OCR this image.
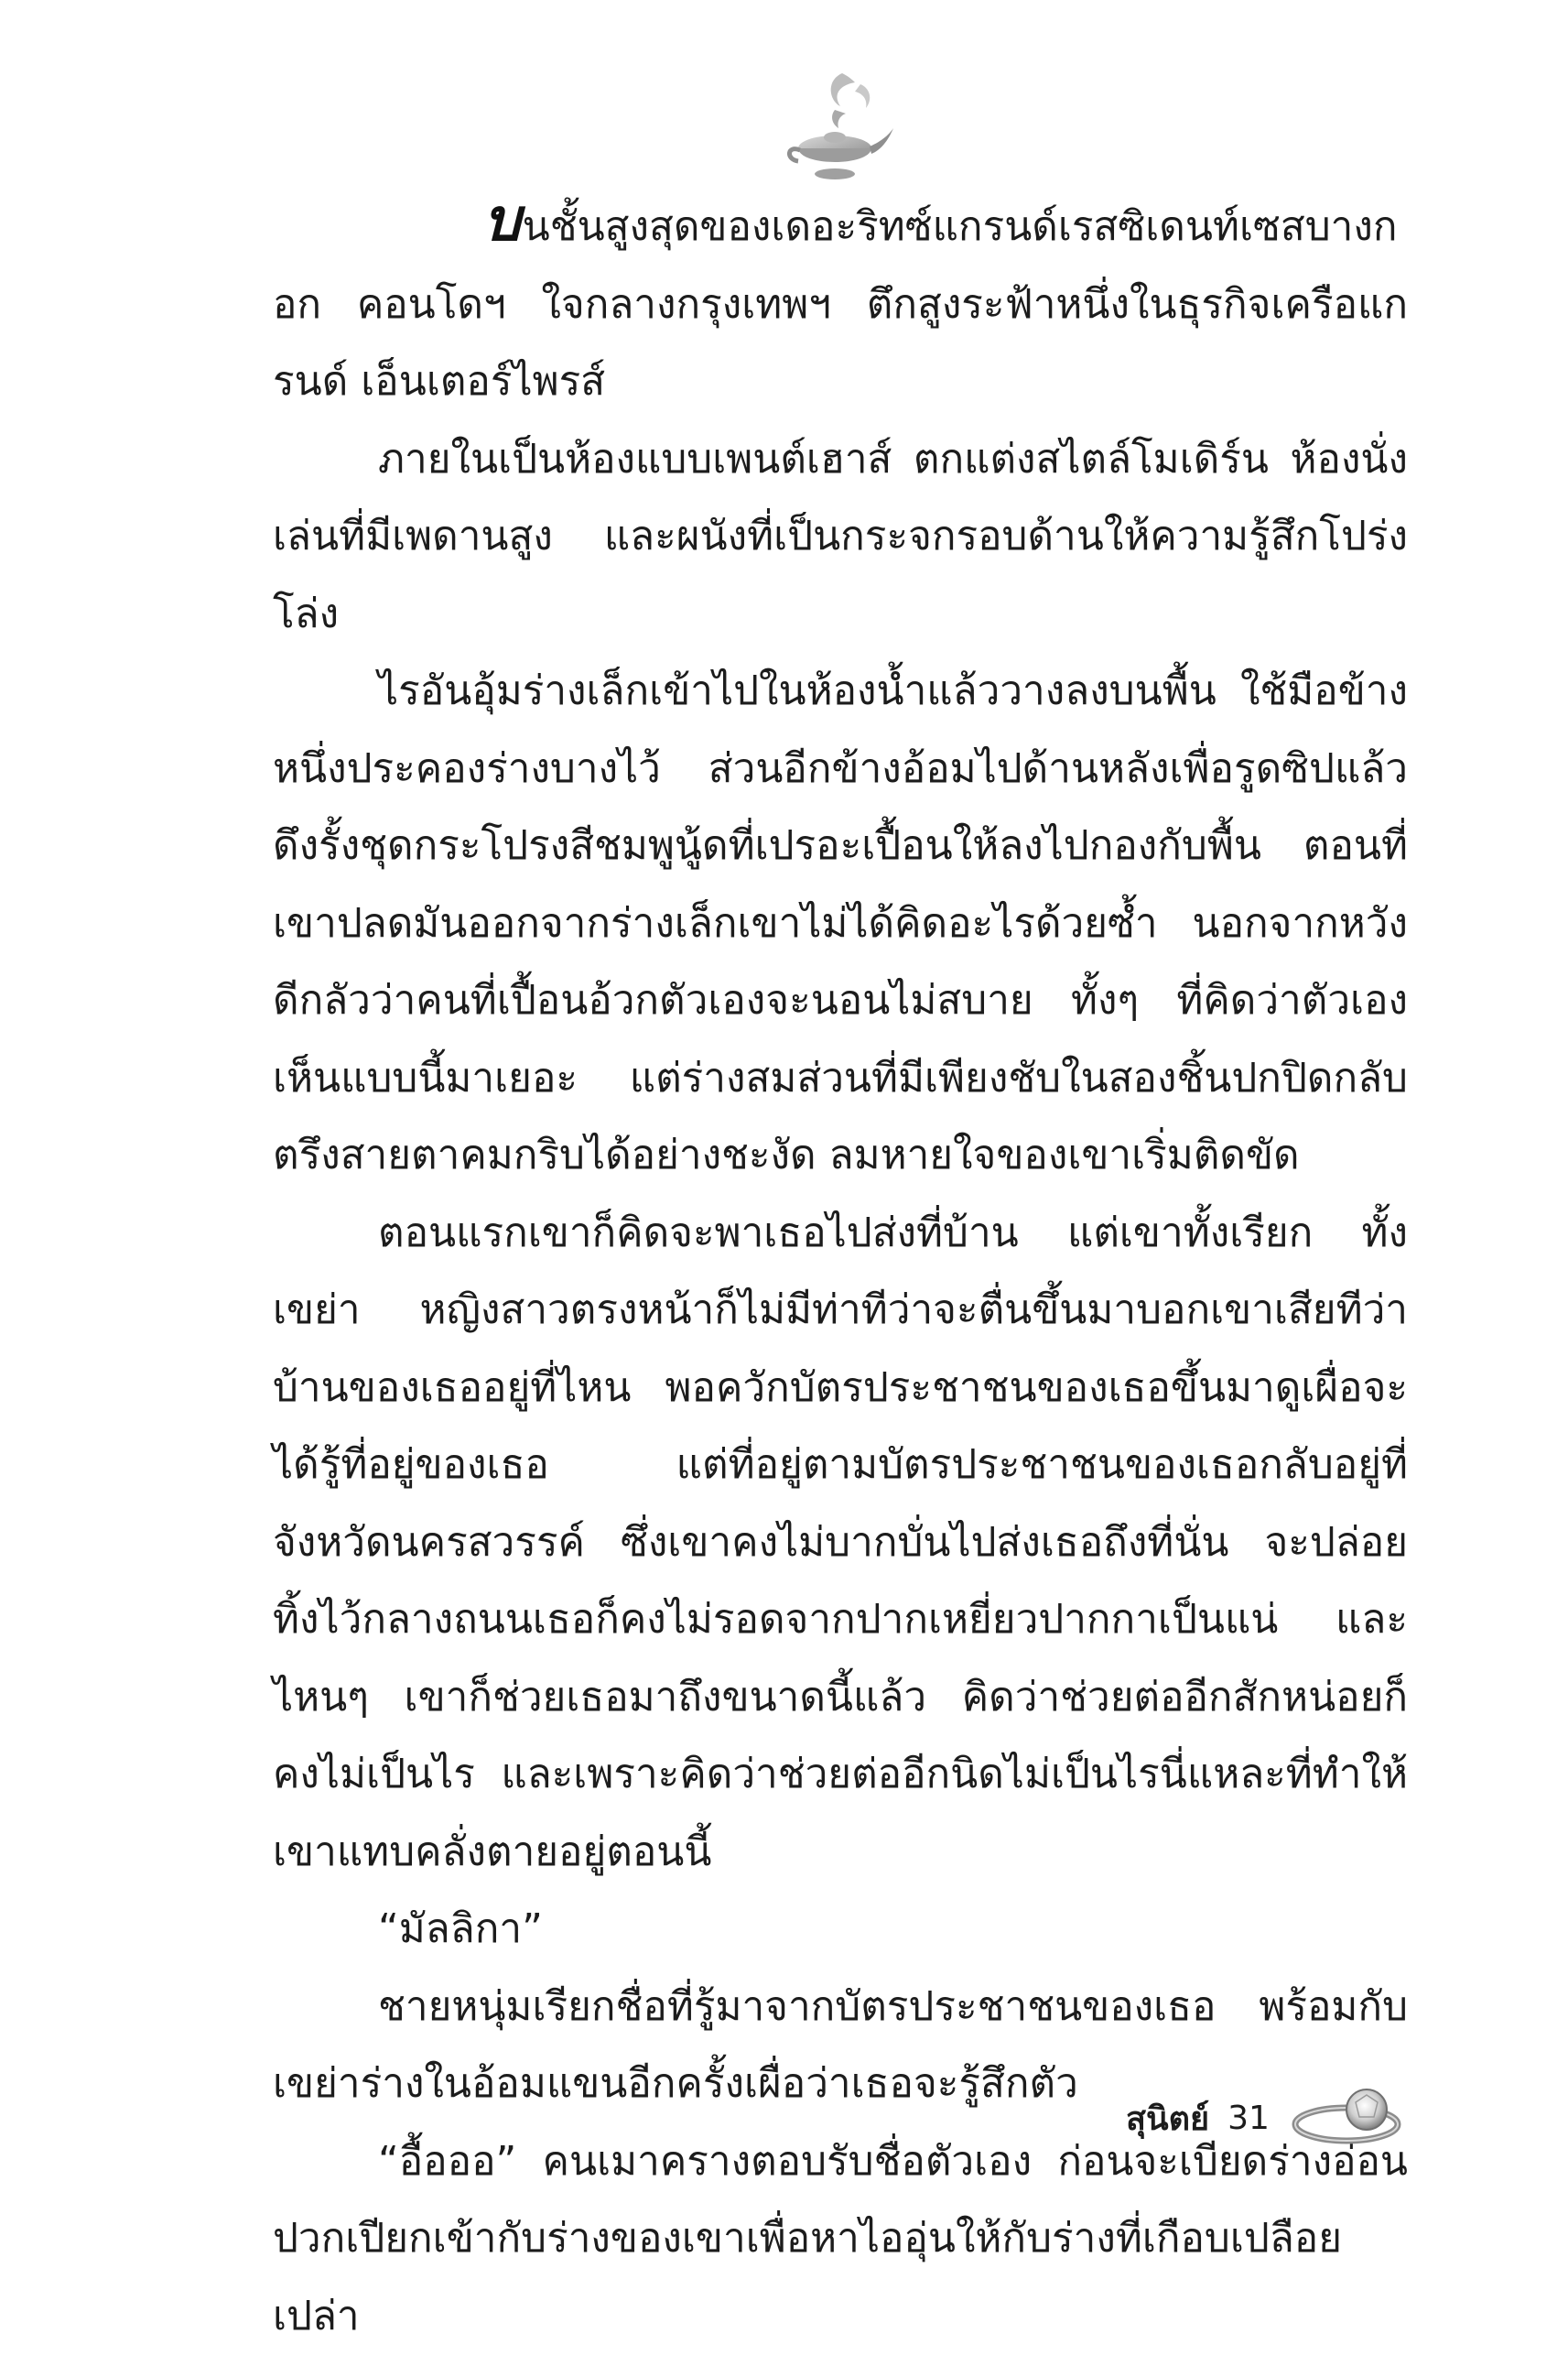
บนชั้นสูงสุดของเดอะริทซ์แกรนด์เรสซิเดนท์เซสบางกอก คอนโดฯ ใจกลางกรุงเทพฯ ตึกสูงระฟ้าหนึ่งในธุรกิจเครือแกรนด์ เอ็นเตอร์ไพรส์

ภายในเป็นห้องแบบเพนต์เฮาส์ ตกแต่งสไตล์โมเดิร์น ห้องนั่งเล่นที่มีเพดานสูง และผนังที่เป็นกระจกรอบด้านให้ความรู้สึกโปร่งโล่ง

ไรอันอุ้มร่างเล็กเข้าไปในห้องน้ำแล้ววางลงบนพื้น ใช้มือข้างหนึ่งประคองร่างบางไว้ ส่วนอีกข้างอ้อมไปด้านหลังเพื่อรูดซิปแล้วดึงรั้งชุดกระโปรงสีชมพูนู้ดที่เปรอะเปื้อนให้ลงไปกองกับพื้น ตอนที่เขาปลดมันออกจากร่างเล็กเขาไม่ได้คิดอะไรด้วยซ้ำ นอกจากหวังดีกลัวว่าคนที่เปื้อนอ้วกตัวเองจะนอนไม่สบาย ทั้งๆ ที่คิดว่าตัวเองเห็นแบบนี้มาเยอะ แต่ร่างสมส่วนที่มีเพียงชับในสองชิ้นปกปิดกลับตรึงสายตาคมกริบได้อย่างชะงัด ลมหายใจของเขาเริ่มติดขัด

ตอนแรกเขาก็คิดจะพาเธอไปส่งที่บ้าน แต่เขาทั้งเรียก ทั้งเขย่า หญิงสาวตรงหน้าก็ไม่มีท่าทีว่าจะตื่นขึ้นมาบอกเขาเสียทีว่าบ้านของเธออยู่ที่ไหน พอควักบัตรประชาชนของเธอขึ้นมาดูเผื่อจะได้รู้ที่อยู่ของเธอ แต่ที่อยู่ตามบัตรประชาชนของเธอกลับอยู่ที่จังหวัดนครสวรรค์ ซึ่งเขาคงไม่บากบั่นไปส่งเธอถึงที่นั่น จะปล่อยทิ้งไว้กลางถนนเธอก็คงไม่รอดจากปากเหยี่ยวปากกาเป็นแน่ และไหนๆ เขาก็ช่วยเธอมาถึงขนาดนี้แล้ว คิดว่าช่วยต่ออีกสักหน่อยก็คงไม่เป็นไร และเพราะคิดว่าช่วยต่ออีกนิดไม่เป็นไรนี่แหละที่ทำให้เขาแทบคลั่งตายอยู่ตอนนี้

“มัลลิกา”

ชายหนุ่มเรียกชื่อที่รู้มาจากบัตรประชาชนของเธอ พร้อมกับเขย่าร่างในอ้อมแขนอีกครั้งเผื่อว่าเธอจะรู้สึกตัว

“อื้อออ” คนเมาครางตอบรับชื่อตัวเอง ก่อนจะเบียดร่างอ่อนปวกเปียกเข้ากับร่างของเขาเพื่อหาไออุ่นให้กับร่างที่เกือบเปลือยเปล่า

สุนิตย์ 31
